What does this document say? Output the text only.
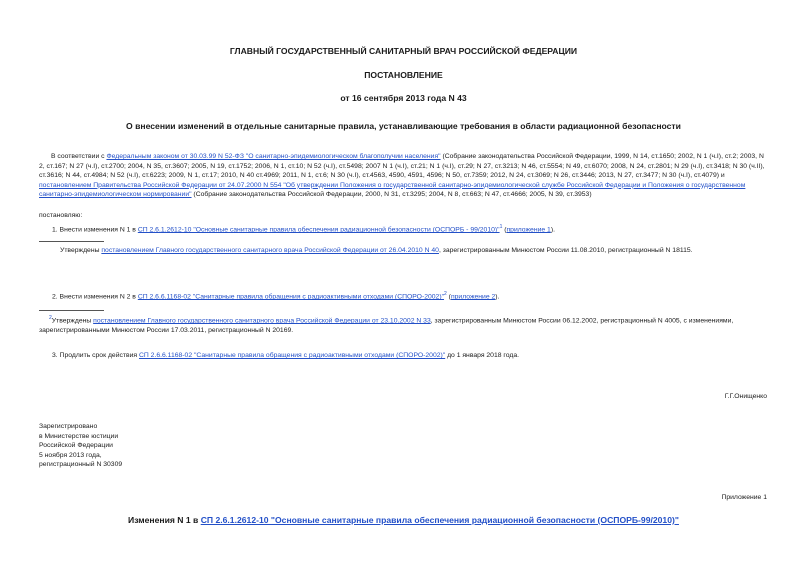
ГЛАВНЫЙ ГОСУДАРСТВЕННЫЙ САНИТАРНЫЙ ВРАЧ РОССИЙСКОЙ ФЕДЕРАЦИИ
ПОСТАНОВЛЕНИЕ
от 16 сентября 2013 года N 43
О внесении изменений в отдельные санитарные правила, устанавливающие требования в области радиационной безопасности
В соответствии с Федеральным законом от 30.03.99 N 52-ФЗ "О санитарно-эпидемиологическом благополучии населения" (Собрание законодательства Российской Федерации, 1999, N 14, ст.1650; 2002, N 1 (ч.I), ст.2; 2003, N 2, ст.167; N 27 (ч.I), ст.2700; 2004, N 35, ст.3607; 2005, N 19, ст.1752; 2006, N 1, ст.10; N 52 (ч.I), ст.5498; 2007 N 1 (ч.I), ст.21; N 1 (ч.I), ст.29; N 27, ст.3213; N 46, ст.5554; N 49, ст.6070; 2008, N 24, ст.2801; N 29 (ч.I), ст.3418; N 30 (ч.II), ст.3616; N 44, ст.4984; N 52 (ч.I), ст.6223; 2009, N 1, ст.17; 2010, N 40 ст.4969; 2011, N 1, ст.6; N 30 (ч.I), ст.4563, 4590, 4591, 4596; N 50, ст.7359; 2012, N 24, ст.3069; N 26, ст.3446; 2013, N 27, ст.3477; N 30 (ч.I), ст.4079) и постановлением Правительства Российской Федерации от 24.07.2000 N 554 "Об утверждении Положения о государственной санитарно-эпидемиологической службе Российской Федерации и Положения о государственном санитарно-эпидемиологическом нормировании" (Собрание законодательства Российской Федерации, 2000, N 31, ст.3295; 2004, N 8, ст.663; N 47, ст.4666; 2005, N 39, ст.3953)
постановляю:
1. Внести изменения N 1 в СП 2.6.1.2612-10 "Основные санитарные правила обеспечения радиационной безопасности (ОСПОРБ - 99/2010)"$^1$ (приложение 1).
Утверждены постановлением Главного государственного санитарного врача Российской Федерации от 26.04.2010 N 40, зарегистрированным Минюстом России 11.08.2010, регистрационный N 18115.
2. Внести изменения N 2 в СП 2.6.6.1168-02 "Санитарные правила обращения с радиоактивными отходами (СПОРО-2002)"$^2$ (приложение 2).
$^2$Утверждены постановлением Главного государственного санитарного врача Российской Федерации от 23.10.2002 N 33, зарегистрированным Минюстом России 06.12.2002, регистрационный N 4005, с изменениями, зарегистрированными Минюстом России 17.03.2011, регистрационный N 20169.
3. Продлить срок действия СП 2.6.6.1168-02 "Санитарные правила обращения с радиоактивными отходами (СПОРО-2002)" до 1 января 2018 года.
Г.Г.Онищенко
Зарегистрировано
в Министерстве юстиции
Российской Федерации
5 ноября 2013 года,
регистрационный N 30309
Приложение 1
Изменения N 1 в СП 2.6.1.2612-10 "Основные санитарные правила обеспечения радиационной безопасности (ОСПОРБ-99/2010)"
